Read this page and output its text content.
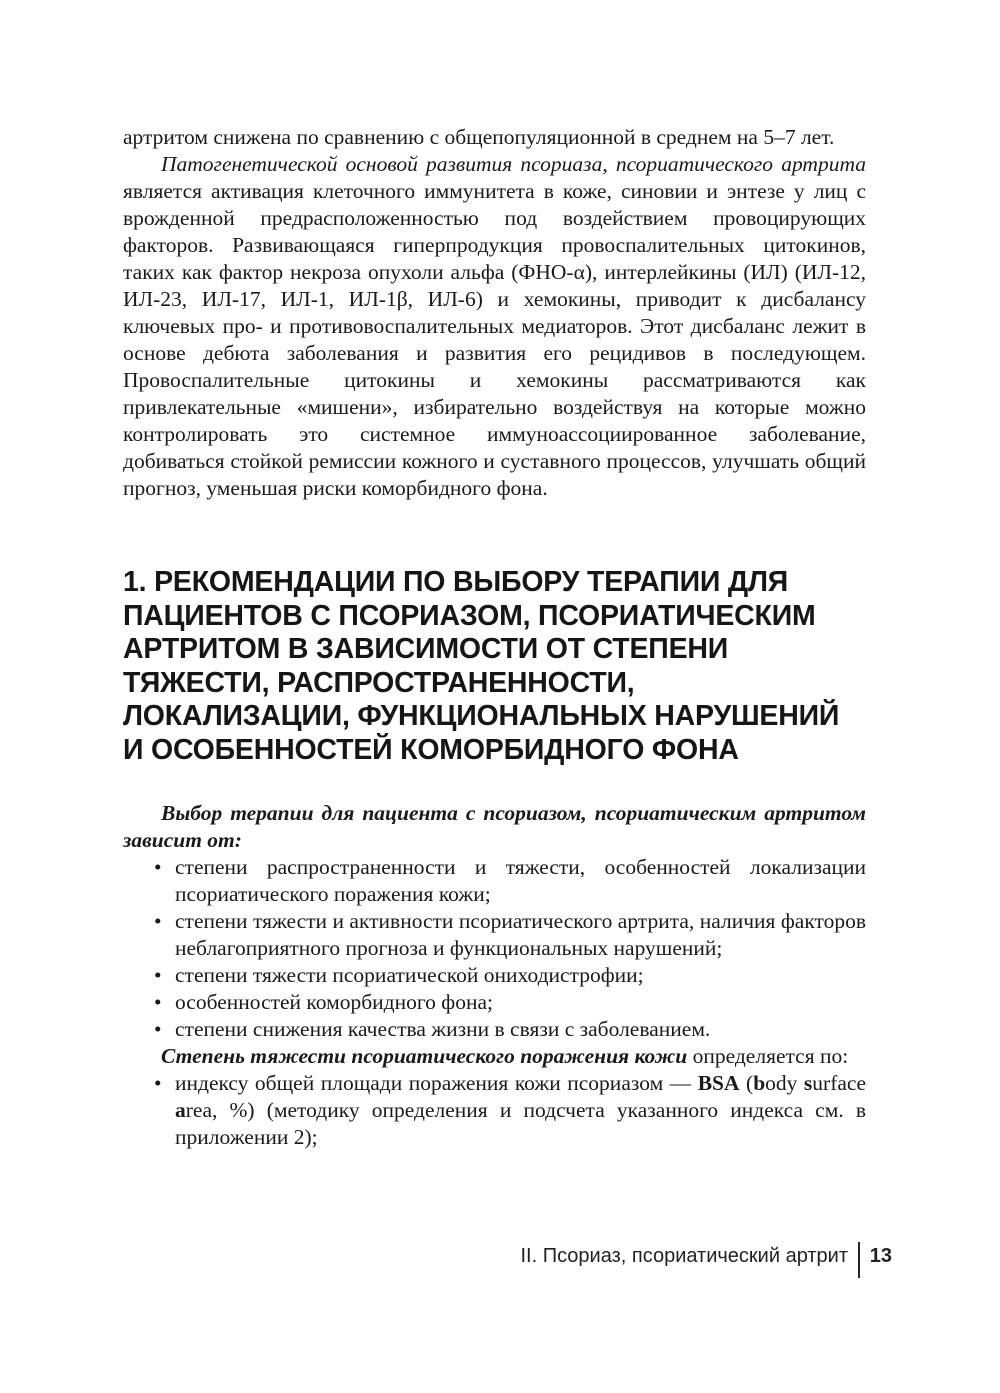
артритом снижена по сравнению с общепопуляционной в среднем на 5–7 лет.

Патогенетической основой развития псориаза, псориатического артрита является активация клеточного иммунитета в коже, синовии и энтезе у лиц с врожденной предрасположенностью под воздействием провоцирующих факторов. Развивающаяся гиперпродукция провоспалительных цитокинов, таких как фактор некроза опухоли альфа (ФНО-α), интерлейкины (ИЛ) (ИЛ-12, ИЛ-23, ИЛ-17, ИЛ-1, ИЛ-1β, ИЛ-6) и хемокины, приводит к дисбалансу ключевых про- и противовоспалительных медиаторов. Этот дисбаланс лежит в основе дебюта заболевания и развития его рецидивов в последующем. Провоспалительные цитокины и хемокины рассматриваются как привлекательные «мишени», избирательно воздействуя на которые можно контролировать это системное иммуноассоциированное заболевание, добиваться стойкой ремиссии кожного и суставного процессов, улучшать общий прогноз, уменьшая риски коморбидного фона.

1. РЕКОМЕНДАЦИИ ПО ВЫБОРУ ТЕРАПИИ ДЛЯ ПАЦИЕНТОВ С ПСОРИАЗОМ, ПСОРИАТИЧЕСКИМ АРТРИТОМ В ЗАВИСИМОСТИ ОТ СТЕПЕНИ ТЯЖЕСТИ, РАСПРОСТРАНЕННОСТИ, ЛОКАЛИЗАЦИИ, ФУНКЦИОНАЛЬНЫХ НАРУШЕНИЙ И ОСОБЕННОСТЕЙ КОМОРБИДНОГО ФОНА

Выбор терапии для пациента с псориазом, псориатическим артритом зависит от:

• степени распространенности и тяжести, особенностей локализации псориатического поражения кожи;
• степени тяжести и активности псориатического артрита, наличия факторов неблагоприятного прогноза и функциональных нарушений;
• степени тяжести псориатической ониходистрофии;
• особенностей коморбидного фона;
• степени снижения качества жизни в связи с заболеванием.

Степень тяжести псориатического поражения кожи определяется по:

• индексу общей площади поражения кожи псориазом — BSA (body surface area, %) (методику определения и подсчета указанного индекса см. в приложении 2);
II. Псориаз, псориатический артрит 13
